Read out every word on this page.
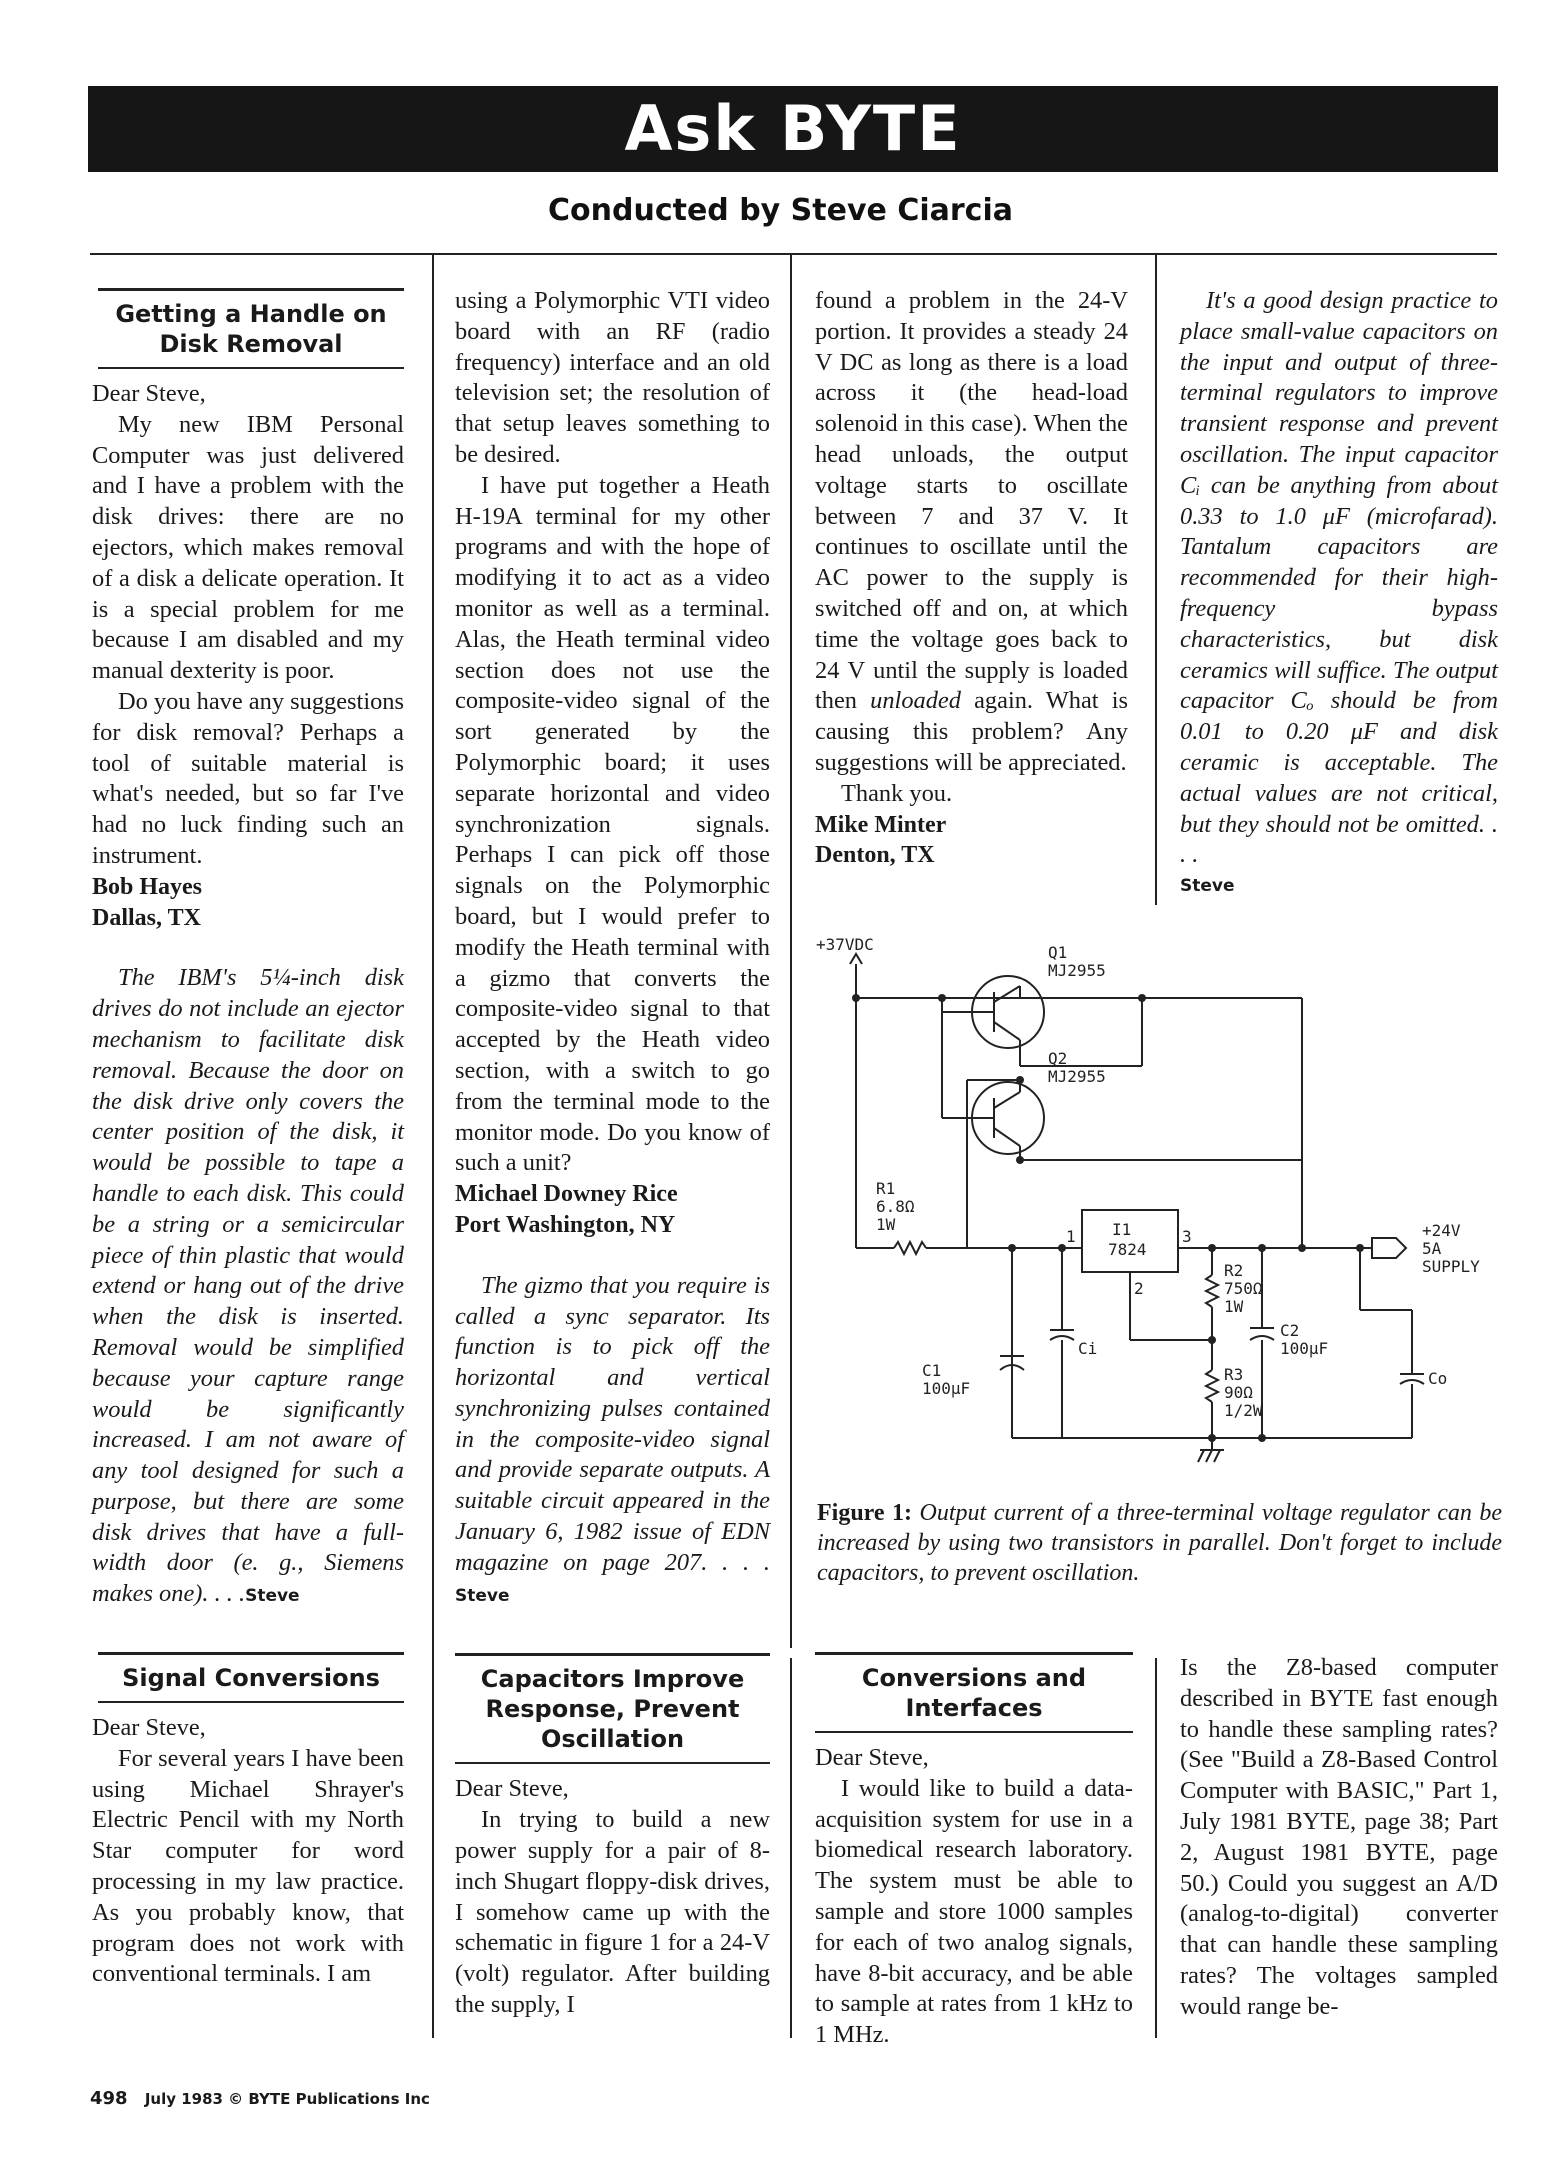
Ask BYTE
Conducted by Steve Ciarcia
Getting a Handle on Disk Removal

Dear Steve,

My new IBM Personal Computer was just delivered and I have a problem with the disk drives: there are no ejectors, which makes removal of a disk a delicate operation. It is a special problem for me because I am disabled and my manual dexterity is poor.

Do you have any suggestions for disk removal? Perhaps a tool of suitable material is what's needed, but so far I've had no luck finding such an instrument.

Bob Hayes

Dallas, TX

The IBM's 5¼-inch disk drives do not include an ejector mechanism to facilitate disk removal. Because the door on the disk drive only covers the center position of the disk, it would be possible to tape a handle to each disk. This could be a string or a semicircular piece of thin plastic that would extend or hang out of the drive when the disk is inserted. Removal would be simplified because your capture range would be significantly increased. I am not aware of any tool designed for such a purpose, but there are some disk drives that have a full-width door (e. g., Siemens makes one). . . .Steve

Signal Conversions

Dear Steve,

For several years I have been using Michael Shrayer's Electric Pencil with my North Star computer for word processing in my law practice. As you probably know, that program does not work with conventional terminals. I am

using a Polymorphic VTI video board with an RF (radio frequency) interface and an old television set; the resolution of that setup leaves something to be desired.

I have put together a Heath H-19A terminal for my other programs and with the hope of modifying it to act as a video monitor as well as a terminal. Alas, the Heath terminal video section does not use the composite-video signal of the sort generated by the Polymorphic board; it uses separate horizontal and video synchronization signals. Perhaps I can pick off those signals on the Polymorphic board, but I would prefer to modify the Heath terminal with a gizmo that converts the composite-video signal to that accepted by the Heath video section, with a switch to go from the terminal mode to the monitor mode. Do you know of such a unit?

Michael Downey Rice

Port Washington, NY

The gizmo that you require is called a sync separator. Its function is to pick off the horizontal and vertical synchronizing pulses contained in the composite-video signal and provide separate outputs. A suitable circuit appeared in the January 6, 1982 issue of EDN magazine on page 207. . . . Steve

Capacitors Improve Response, Prevent Oscillation

Dear Steve,

In trying to build a new power supply for a pair of 8-inch Shugart floppy-disk drives, I somehow came up with the schematic in figure 1 for a 24-V (volt) regulator. After building the supply, I

found a problem in the 24-V portion. It provides a steady 24 V DC as long as there is a load across it (the head-load solenoid in this case). When the head unloads, the output voltage starts to oscillate between 7 and 37 V. It continues to oscillate until the AC power to the supply is switched off and on, at which time the voltage goes back to 24 V until the supply is loaded then unloaded again. What is causing this problem? Any suggestions will be appreciated.

Thank you.

Mike Minter

Denton, TX

It's a good design practice to place small-value capacitors on the input and output of three-terminal regulators to improve transient response and prevent oscillation. The input capacitor Cᵢ can be anything from about 0.33 to 1.0 μF (microfarad). Tantalum capacitors are recommended for their high-frequency bypass characteristics, but disk ceramics will suffice. The output capacitor Cₒ should be from 0.01 to 0.20 μF and disk ceramic is acceptable. The actual values are not critical, but they should not be omitted. . . .

Steve

+37VDC	Q1
MJ2955
Q2
MJ2955
R1
6.8Ω
1W	I1
7824
1
2
3
R2
750Ω
1W
R3
90Ω
1/2W
C1
100μF
Ci
C2
100μF
Co
+24V
5A
SUPPLY
Figure 1: Output current of a three-terminal voltage regulator can be increased by using two transistors in parallel. Don't forget to include capacitors, to prevent oscillation.
Conversions and Interfaces

Dear Steve,

I would like to build a data-acquisition system for use in a biomedical research laboratory. The system must be able to sample and store 1000 samples for each of two analog signals, have 8-bit accuracy, and be able to sample at rates from 1 kHz to 1 MHz.

Is the Z8-based computer described in BYTE fast enough to handle these sampling rates? (See "Build a Z8-Based Control Computer with BASIC," Part 1, July 1981 BYTE, page 38; Part 2, August 1981 BYTE, page 50.) Could you suggest an A/D (analog-to-digital) converter that can handle these sampling rates? The voltages sampled would range be-

498 July 1983 © BYTE Publications Inc
